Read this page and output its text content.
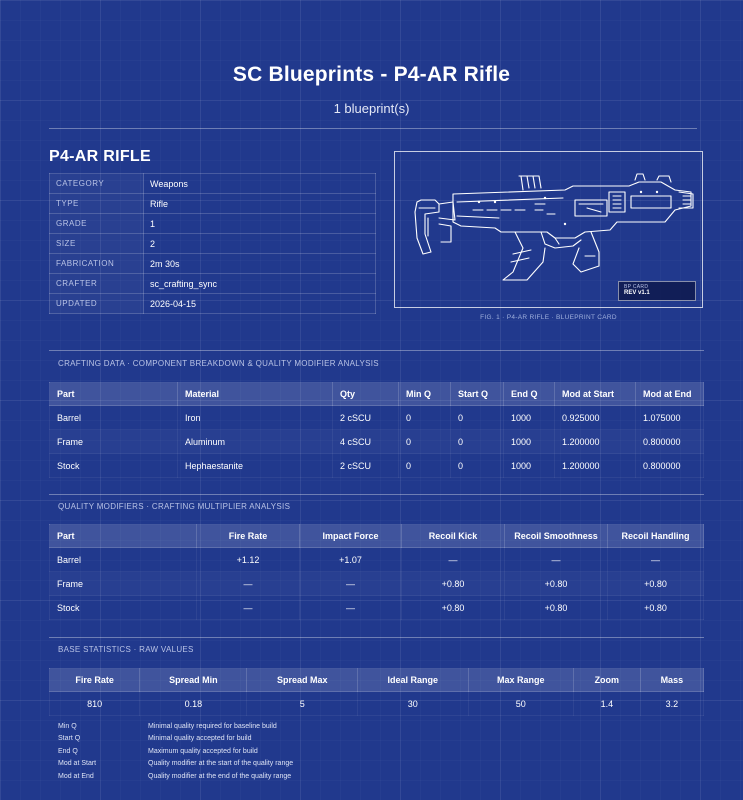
SC Blueprints - P4-AR Rifle
1 blueprint(s)
P4-AR RIFLE
CATEGORY	Weapons
TYPE	Rifle
GRADE	1
SIZE	2
FABRICATION	2m 30s
CRAFTER	sc_crafting_sync
UPDATED	2026-04-15
BP CARD
REV v1.1
FIG. 1 · P4-AR RIFLE · BLUEPRINT CARD
CRAFTING DATA · COMPONENT BREAKDOWN & QUALITY MODIFIER ANALYSIS
Part	Material	Qty	Min Q	Start Q	End Q	Mod at Start	Mod at End
Barrel	Iron	2 cSCU	0	0	1000	0.925000	1.075000
Frame	Aluminum	4 cSCU	0	0	1000	1.200000	0.800000
Stock	Hephaestanite	2 cSCU	0	0	1000	1.200000	0.800000
QUALITY MODIFIERS · CRAFTING MULTIPLIER ANALYSIS
Part	Fire Rate	Impact Force	Recoil Kick	Recoil Smoothness	Recoil Handling
Barrel	+1.12	+1.07	—	—	—
Frame	—	—	+0.80	+0.80	+0.80
Stock	—	—	+0.80	+0.80	+0.80
BASE STATISTICS · RAW VALUES
Fire Rate	Spread Min	Spread Max	Ideal Range	Max Range	Zoom	Mass
810	0.18	5	30	50	1.4	3.2
Min Q	Minimal quality required for baseline build
Start Q	Minimal quality accepted for build
End Q	Maximum quality accepted for build
Mod at Start	Quality modifier at the start of the quality range
Mod at End	Quality modifier at the end of the quality range
